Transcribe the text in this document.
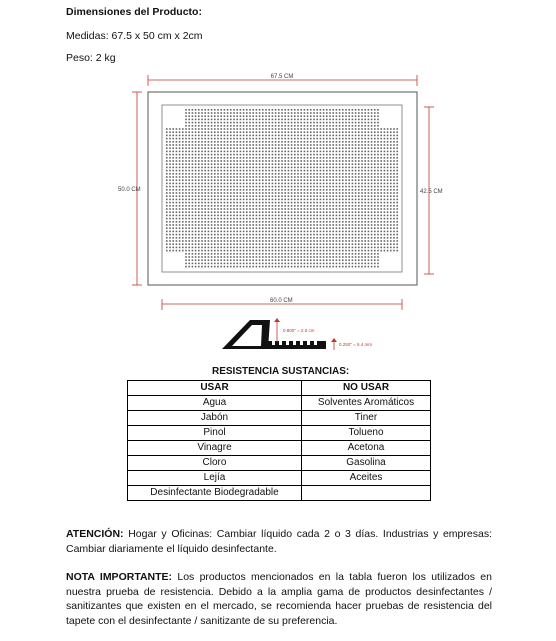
Dimensiones del Producto:
Medidas: 67.5 x 50 cm x 2cm
Peso: 2 kg
67.5 CM
50.0 CM	42.5 CM
60.0 CM
0.800" = 2.0 cm
0.250" = 6.4 mm
RESISTENCIA SUSTANCIAS:
USAR	NO USAR
Agua	Solventes Aromáticos
Jabón	Tiner
Pinol	Tolueno
Vinagre	Acetona
Cloro	Gasolina
Lejía	Aceites
Desinfectante Biodegradable	
ATENCIÓN: Hogar y Oficinas: Cambiar líquido cada 2 o 3 días. Industrias y empresas: Cambiar diariamente el líquido desinfectante.
NOTA IMPORTANTE: Los productos mencionados en la tabla fueron los utilizados en nuestra prueba de resistencia. Debido a la amplia gama de productos desinfectantes / sanitizantes que existen en el mercado, se recomienda hacer pruebas de resistencia del tapete con el desinfectante / sanitizante de su preferencia.
